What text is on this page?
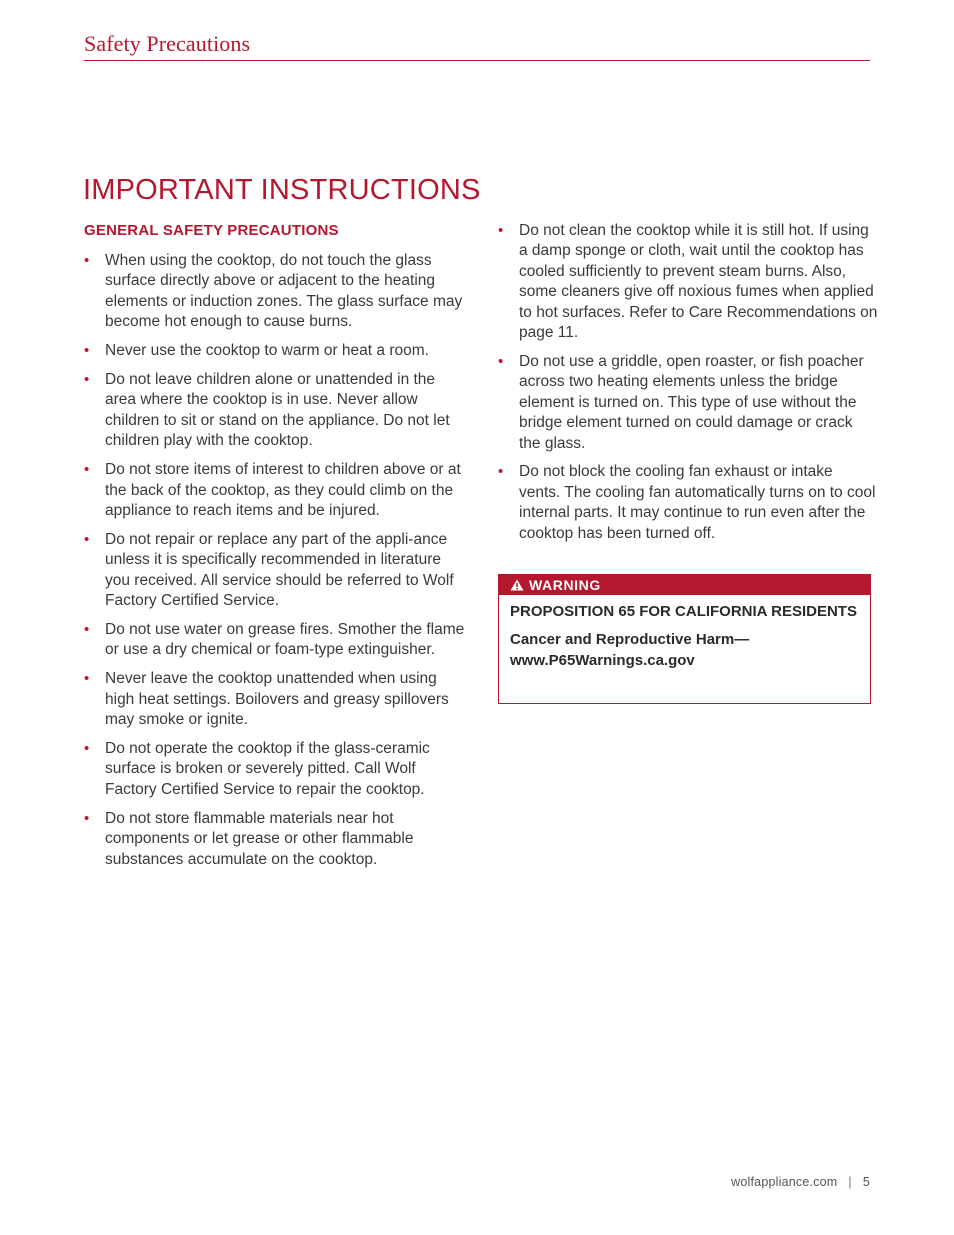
Safety Precautions
IMPORTANT INSTRUCTIONS
GENERAL SAFETY PRECAUTIONS
• When using the cooktop, do not touch the glass surface directly above or adjacent to the heating elements or induction zones. The glass surface may become hot enough to cause burns.
• Never use the cooktop to warm or heat a room.
• Do not leave children alone or unattended in the area where the cooktop is in use. Never allow children to sit or stand on the appliance. Do not let children play with the cooktop.
• Do not store items of interest to children above or at the back of the cooktop, as they could climb on the appliance to reach items and be injured.
• Do not repair or replace any part of the appli-ance unless it is specifically recommended in literature you received. All service should be referred to Wolf Factory Certified Service.
• Do not use water on grease fires. Smother the flame or use a dry chemical or foam-type extinguisher.
• Never leave the cooktop unattended when using high heat settings. Boilovers and greasy spillovers may smoke or ignite.
• Do not operate the cooktop if the glass-ceramic surface is broken or severely pitted. Call Wolf Factory Certified Service to repair the cooktop.
• Do not store flammable materials near hot components or let grease or other flammable substances accumulate on the cooktop.
• Do not clean the cooktop while it is still hot. If using a damp sponge or cloth, wait until the cooktop has cooled sufficiently to prevent steam burns. Also, some cleaners give off noxious fumes when applied to hot surfaces. Refer to Care Recommendations on page 11.
• Do not use a griddle, open roaster, or fish poacher across two heating elements unless the bridge element is turned on. This type of use without the bridge element turned on could damage or crack the glass.
• Do not block the cooling fan exhaust or intake vents. The cooling fan automatically turns on to cool internal parts. It may continue to run even after the cooktop has been turned off.
WARNING

PROPOSITION 65 FOR CALIFORNIA RESIDENTS

Cancer and Reproductive Harm—www.P65Warnings.ca.gov

wolfappliance.com | 5
